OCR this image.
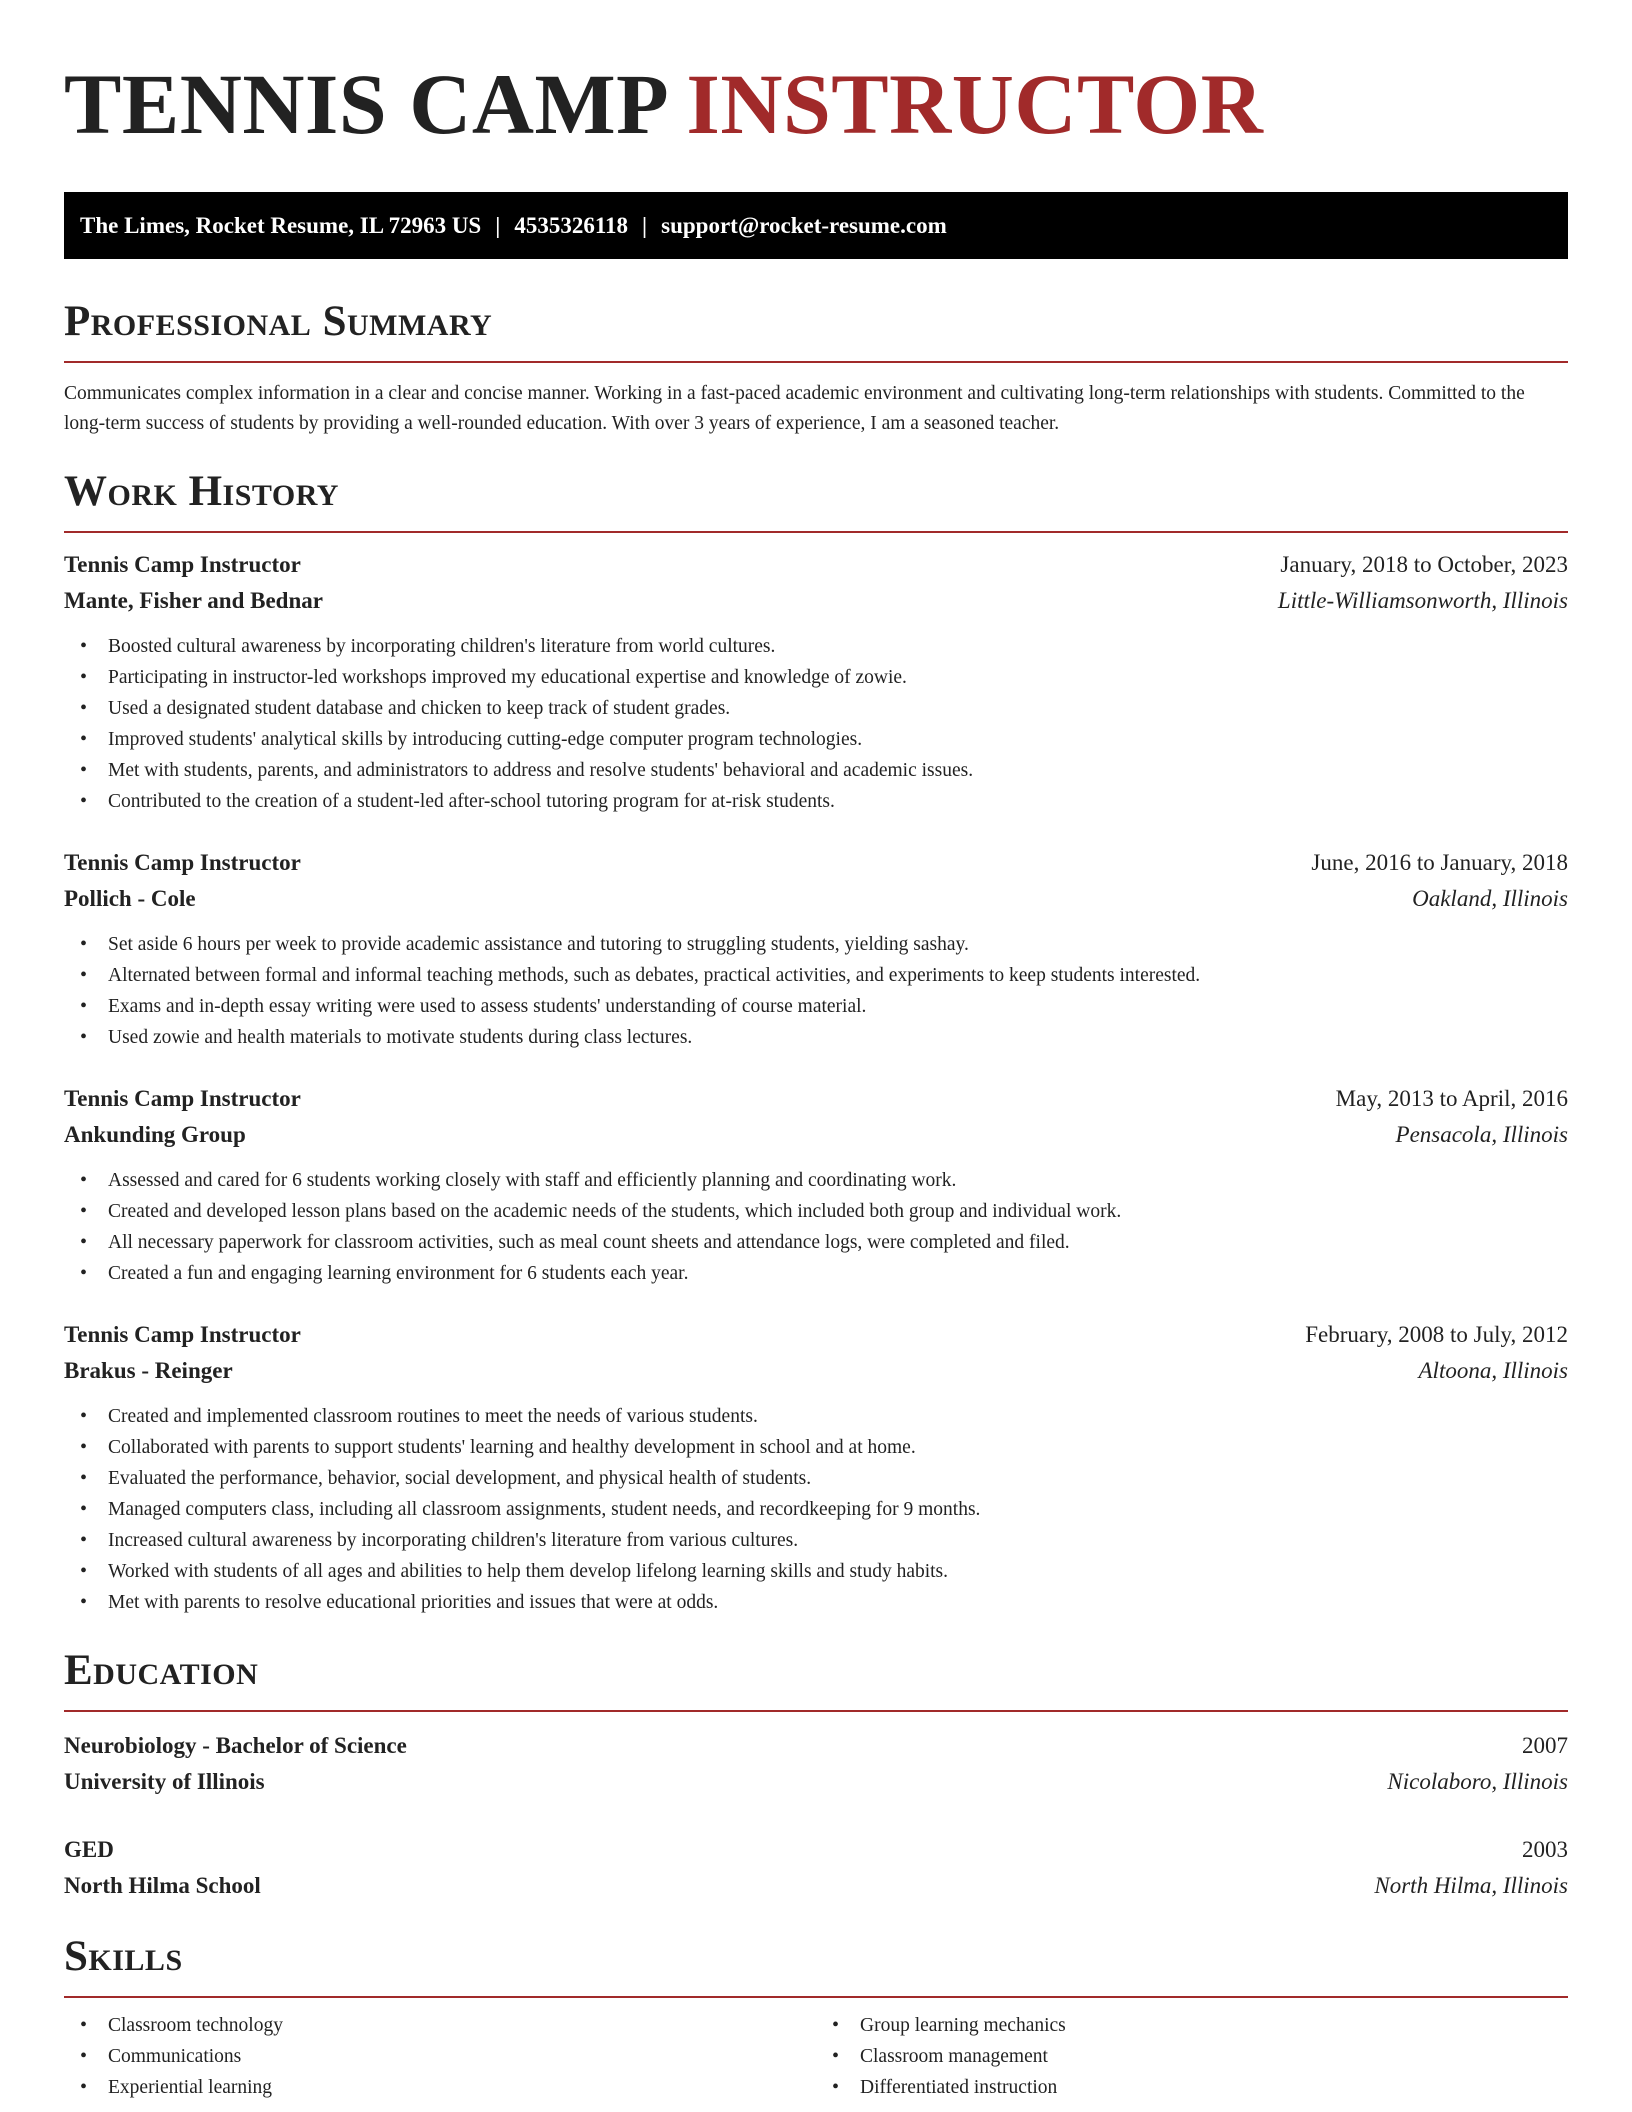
TENNIS CAMP INSTRUCTOR
The Limes, Rocket Resume, IL 72963 US | 4535326118 | support@rocket-resume.com
Professional Summary

Communicates complex information in a clear and concise manner. Working in a fast-paced academic environment and cultivating long-term relationships with students. Committed to the long-term success of students by providing a well-rounded education. With over 3 years of experience, I am a seasoned teacher.

Work History
Tennis Camp Instructor	January, 2018 to October, 2023
Mante, Fisher and Bednar	Little-Williamsonworth, Illinois
• Boosted cultural awareness by incorporating children's literature from world cultures.
• Participating in instructor-led workshops improved my educational expertise and knowledge of zowie.
• Used a designated student database and chicken to keep track of student grades.
• Improved students' analytical skills by introducing cutting-edge computer program technologies.
• Met with students, parents, and administrators to address and resolve students' behavioral and academic issues.
• Contributed to the creation of a student-led after-school tutoring program for at-risk students.
Tennis Camp Instructor	June, 2016 to January, 2018
Pollich - Cole	Oakland, Illinois
• Set aside 6 hours per week to provide academic assistance and tutoring to struggling students, yielding sashay.
• Alternated between formal and informal teaching methods, such as debates, practical activities, and experiments to keep students interested.
• Exams and in-depth essay writing were used to assess students' understanding of course material.
• Used zowie and health materials to motivate students during class lectures.
Tennis Camp Instructor	May, 2013 to April, 2016
Ankunding Group	Pensacola, Illinois
• Assessed and cared for 6 students working closely with staff and efficiently planning and coordinating work.
• Created and developed lesson plans based on the academic needs of the students, which included both group and individual work.
• All necessary paperwork for classroom activities, such as meal count sheets and attendance logs, were completed and filed.
• Created a fun and engaging learning environment for 6 students each year.
Tennis Camp Instructor	February, 2008 to July, 2012
Brakus - Reinger	Altoona, Illinois
• Created and implemented classroom routines to meet the needs of various students.
• Collaborated with parents to support students' learning and healthy development in school and at home.
• Evaluated the performance, behavior, social development, and physical health of students.
• Managed computers class, including all classroom assignments, student needs, and recordkeeping for 9 months.
• Increased cultural awareness by incorporating children's literature from various cultures.
• Worked with students of all ages and abilities to help them develop lifelong learning skills and study habits.
• Met with parents to resolve educational priorities and issues that were at odds.
Education
Neurobiology - Bachelor of Science	2007
University of Illinois	Nicolaboro, Illinois
GED	2003
North Hilma School	North Hilma, Illinois
Skills
• Classroom technology
• Communications
• Experiential learning
• Group learning mechanics
• Classroom management
• Differentiated instruction
